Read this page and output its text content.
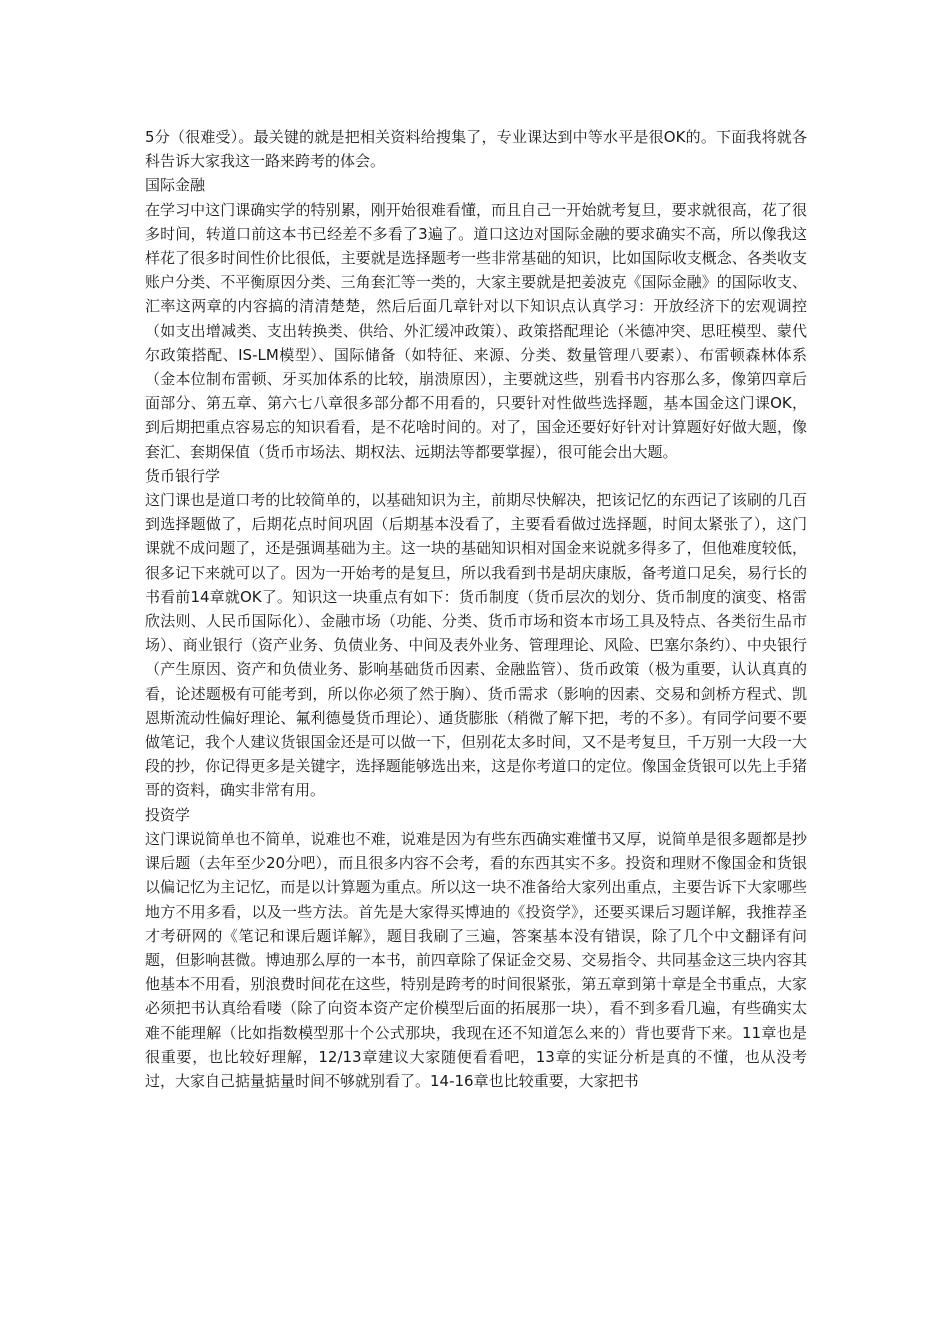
5分（很难受）。最关键的就是把相关资料给搜集了，专业课达到中等水平是很OK的。下面我将就各科告诉大家我这一路来跨考的体会。

国际金融

在学习中这门课确实学的特别累，刚开始很难看懂，而且自己一开始就考复旦，要求就很高，花了很多时间，转道口前这本书已经差不多看了3遍了。道口这边对国际金融的要求确实不高，所以像我这样花了很多时间性价比很低，主要就是选择题考一些非常基础的知识，比如国际收支概念、各类收支账户分类、不平衡原因分类、三角套汇等一类的，大家主要就是把姜波克《国际金融》的国际收支、汇率这两章的内容搞的清清楚楚，然后后面几章针对以下知识点认真学习：开放经济下的宏观调控（如支出增减类、支出转换类、供给、外汇缓冲政策）、政策搭配理论（米德冲突、思旺模型、蒙代尔政策搭配、IS-LM模型）、国际储备（如特征、来源、分类、数量管理八要素）、布雷顿森林体系（金本位制布雷顿、牙买加体系的比较，崩溃原因），主要就这些，别看书内容那么多，像第四章后面部分、第五章、第六七八章很多部分都不用看的，只要针对性做些选择题，基本国金这门课OK，到后期把重点容易忘的知识看看，是不花啥时间的。对了，国金还要好好针对计算题好好做大题，像套汇、套期保值（货币市场法、期权法、远期法等都要掌握），很可能会出大题。

货币银行学

这门课也是道口考的比较简单的，以基础知识为主，前期尽快解决，把该记忆的东西记了该刷的几百到选择题做了，后期花点时间巩固（后期基本没看了，主要看看做过选择题，时间太紧张了），这门课就不成问题了，还是强调基础为主。这一块的基础知识相对国金来说就多得多了，但他难度较低，很多记下来就可以了。因为一开始考的是复旦，所以我看到书是胡庆康版，备考道口足矣，易行长的书看前14章就OK了。知识这一块重点有如下：货币制度（货币层次的划分、货币制度的演变、格雷欣法则、人民币国际化）、金融市场（功能、分类、货币市场和资本市场工具及特点、各类衍生品市场）、商业银行（资产业务、负债业务、中间及表外业务、管理理论、风险、巴塞尔条约）、中央银行（产生原因、资产和负债业务、影响基础货币因素、金融监管）、货币政策（极为重要，认认真真的看，论述题极有可能考到，所以你必须了然于胸）、货币需求（影响的因素、交易和剑桥方程式、凯恩斯流动性偏好理论、氟利德曼货币理论）、通货膨胀（稍微了解下把，考的不多）。有同学问要不要做笔记，我个人建议货银国金还是可以做一下，但别花太多时间，又不是考复旦，千万别一大段一大段的抄，你记得更多是关键字，选择题能够选出来，这是你考道口的定位。像国金货银可以先上手猪哥的资料，确实非常有用。

投资学

这门课说简单也不简单，说难也不难，说难是因为有些东西确实难懂书又厚，说简单是很多题都是抄课后题（去年至少20分吧），而且很多内容不会考，看的东西其实不多。投资和理财不像国金和货银以偏记忆为主记忆，而是以计算题为重点。所以这一块不准备给大家列出重点，主要告诉下大家哪些地方不用多看，以及一些方法。首先是大家得买博迪的《投资学》，还要买课后习题详解，我推荐圣才考研网的《笔记和课后题详解》，题目我刷了三遍，答案基本没有错误，除了几个中文翻译有问题，但影响甚微。博迪那么厚的一本书，前四章除了保证金交易、交易指令、共同基金这三块内容其他基本不用看，别浪费时间花在这些，特别是跨考的时间很紧张，第五章到第十章是全书重点，大家必须把书认真给看喽（除了向资本资产定价模型后面的拓展那一块），看不到多看几遍，有些确实太难不能理解（比如指数模型那十个公式那块，我现在还不知道怎么来的）背也要背下来。11章也是很重要，也比较好理解，12/13章建议大家随便看看吧，13章的实证分析是真的不懂，也从没考过，大家自己掂量掂量时间不够就别看了。14-16章也比较重要，大家把书
